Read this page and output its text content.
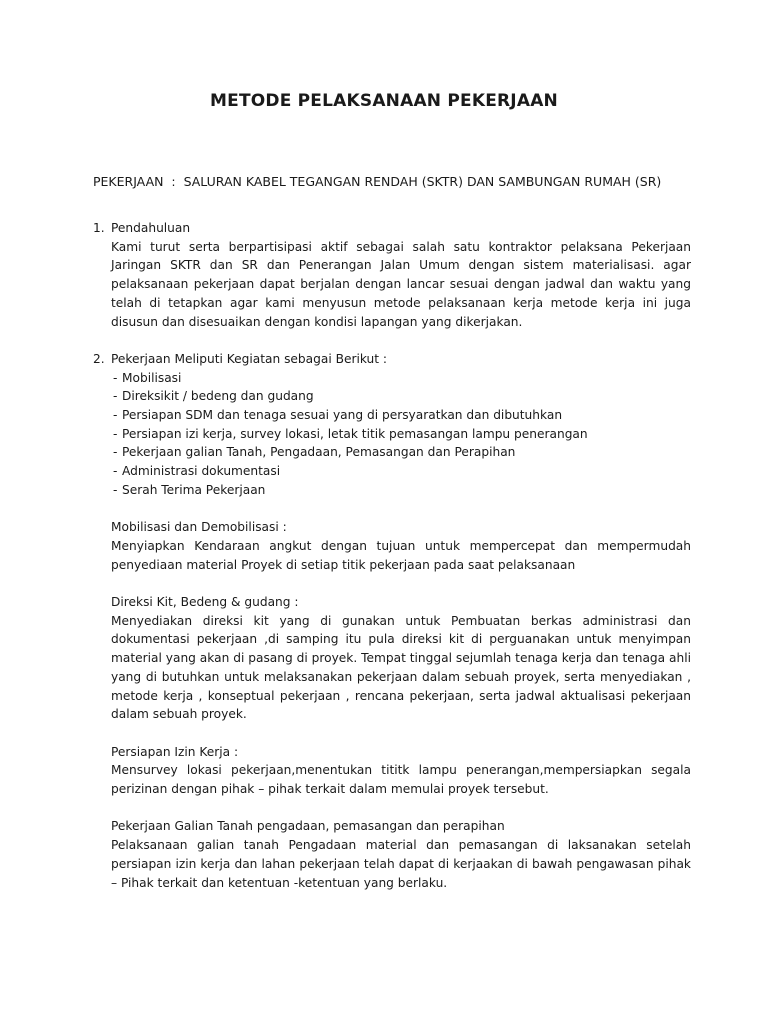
METODE PELAKSANAAN PEKERJAAN
PEKERJAAN  :  SALURAN KABEL TEGANGAN RENDAH (SKTR) DAN SAMBUNGAN RUMAH (SR)
1. Pendahuluan
Kami turut serta berpartisipasi aktif sebagai salah satu kontraktor pelaksana Pekerjaan Jaringan SKTR dan SR dan Penerangan Jalan Umum dengan sistem materialisasi. agar pelaksanaan pekerjaan dapat berjalan dengan lancar sesuai dengan jadwal dan waktu yang telah di tetapkan agar kami menyusun metode pelaksanaan kerja metode kerja ini juga disusun dan disesuaikan dengan kondisi lapangan yang dikerjakan.
2. Pekerjaan Meliputi Kegiatan sebagai Berikut :
- Mobilisasi
- Direksikit / bedeng dan gudang
- Persiapan SDM dan tenaga sesuai yang di persyaratkan dan dibutuhkan
- Persiapan izi kerja, survey lokasi, letak titik pemasangan lampu penerangan
- Pekerjaan galian Tanah, Pengadaan, Pemasangan dan Perapihan
- Administrasi dokumentasi
- Serah Terima Pekerjaan
Mobilisasi dan Demobilisasi :
Menyiapkan Kendaraan angkut dengan tujuan untuk mempercepat dan mempermudah penyediaan material Proyek di setiap titik pekerjaan pada saat pelaksanaan
Direksi Kit, Bedeng & gudang :
Menyediakan direksi kit yang di gunakan untuk Pembuatan berkas administrasi dan dokumentasi pekerjaan ,di samping itu pula direksi kit di perguanakan untuk menyimpan material yang akan di pasang di proyek. Tempat tinggal sejumlah tenaga kerja dan tenaga ahli yang di butuhkan untuk melaksanakan pekerjaan dalam sebuah proyek, serta menyediakan , metode kerja , konseptual pekerjaan , rencana pekerjaan, serta jadwal aktualisasi pekerjaan dalam sebuah proyek.
Persiapan Izin Kerja :
Mensurvey lokasi pekerjaan,menentukan tititk lampu penerangan,mempersiapkan segala perizinan dengan pihak – pihak terkait dalam memulai proyek tersebut.
Pekerjaan Galian Tanah pengadaan, pemasangan dan perapihan
Pelaksanaan galian tanah Pengadaan material dan pemasangan di laksanakan setelah persiapan izin kerja dan lahan pekerjaan telah dapat di kerjaakan di bawah pengawasan pihak – Pihak terkait dan ketentuan -ketentuan yang berlaku.
